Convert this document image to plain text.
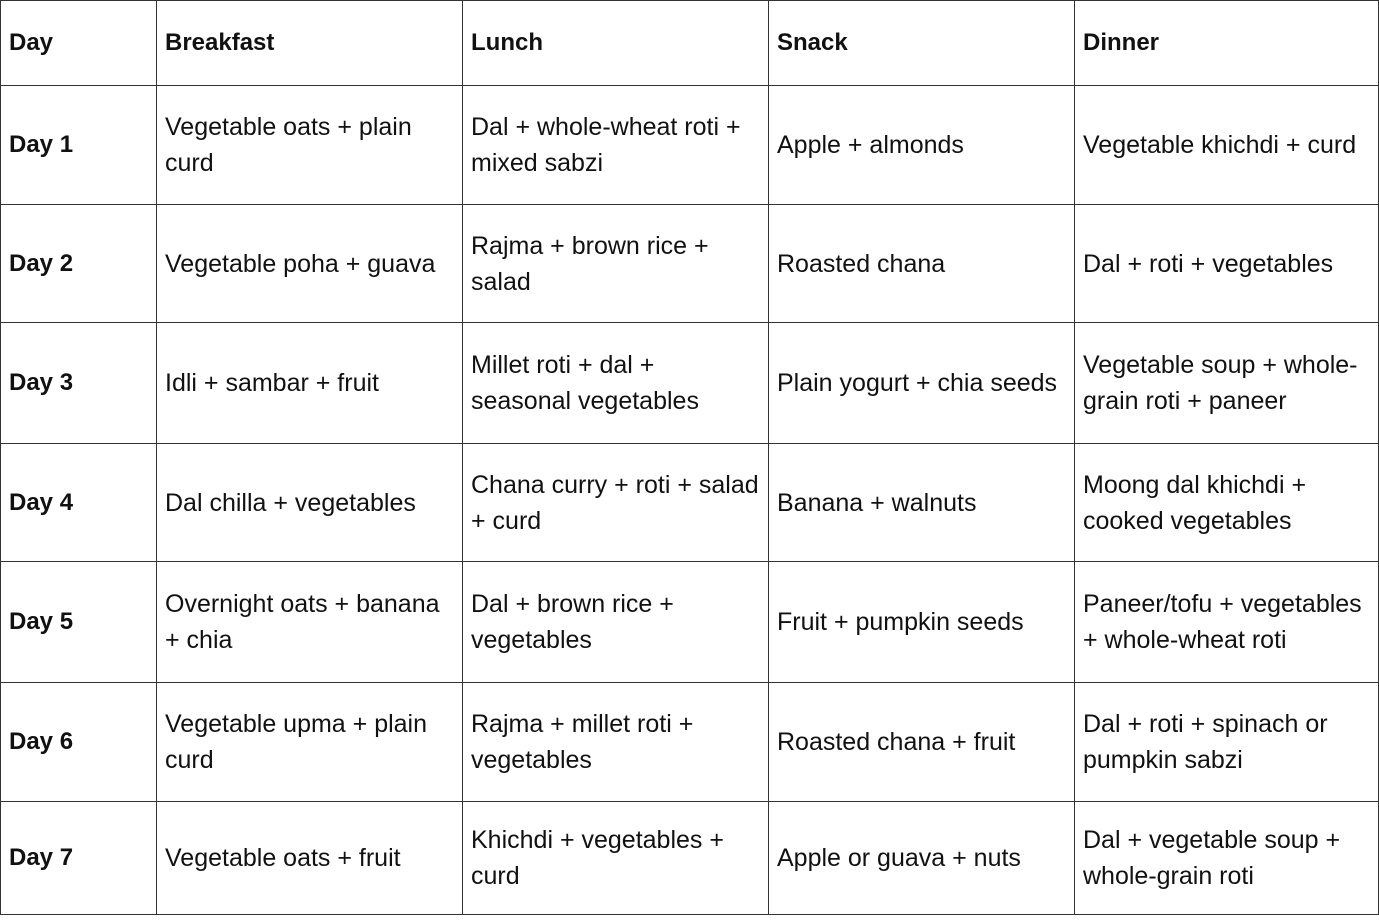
Day	Breakfast	Lunch	Snack	Dinner
Day 1	Vegetable oats + plain curd	Dal + whole-wheat roti + mixed sabzi	Apple + almonds	Vegetable khichdi + curd
Day 2	Vegetable poha + guava	Rajma + brown rice + salad	Roasted chana	Dal + roti + vegetables
Day 3	Idli + sambar + fruit	Millet roti + dal + seasonal vegetables	Plain yogurt + chia seeds	Vegetable soup + whole-grain roti + paneer
Day 4	Dal chilla + vegetables	Chana curry + roti + salad + curd	Banana + walnuts	Moong dal khichdi + cooked vegetables
Day 5	Overnight oats + banana + chia	Dal + brown rice + vegetables	Fruit + pumpkin seeds	Paneer/tofu + vegetables + whole-wheat roti
Day 6	Vegetable upma + plain curd	Rajma + millet roti + vegetables	Roasted chana + fruit	Dal + roti + spinach or pumpkin sabzi
Day 7	Vegetable oats + fruit	Khichdi + vegetables + curd	Apple or guava + nuts	Dal + vegetable soup + whole-grain roti
